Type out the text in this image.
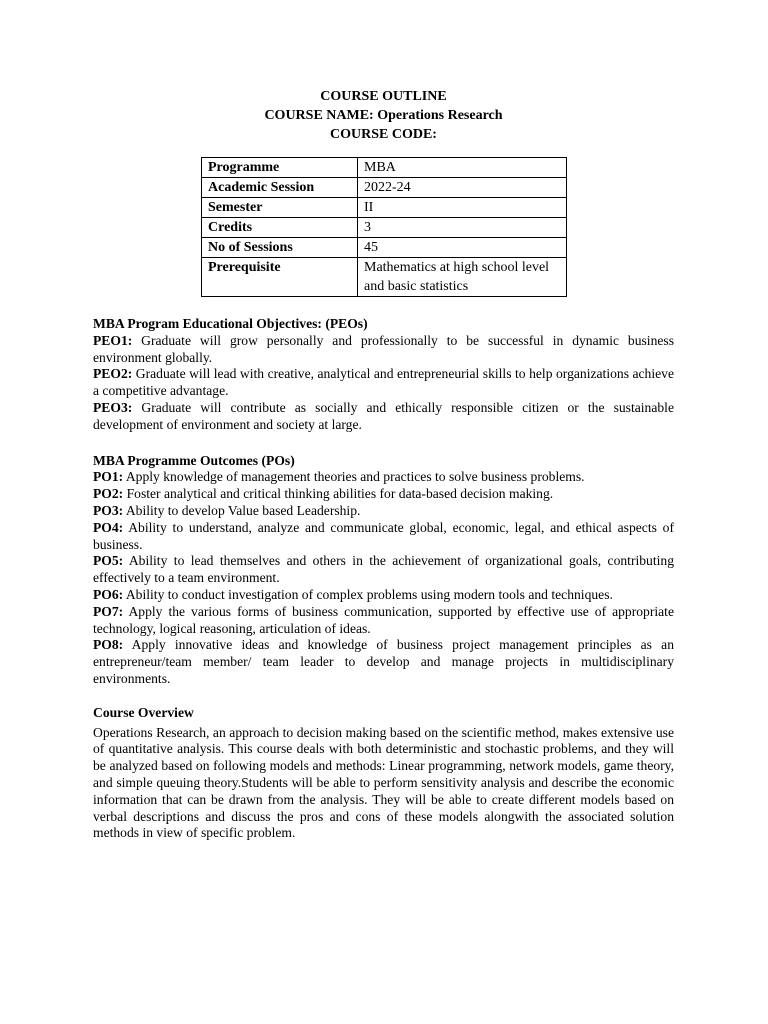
COURSE OUTLINE
COURSE NAME: Operations Research
COURSE CODE:
Programme	MBA
Academic Session	2022-24
Semester	II
Credits	3
No of Sessions	45
Prerequisite	Mathematics at high school level and basic statistics
MBA Program Educational Objectives: (PEOs)

PEO1: Graduate will grow personally and professionally to be successful in dynamic business environment globally.

PEO2: Graduate will lead with creative, analytical and entrepreneurial skills to help organizations achieve a competitive advantage.

PEO3: Graduate will contribute as socially and ethically responsible citizen or the sustainable development of environment and society at large.

MBA Programme Outcomes (POs)

PO1: Apply knowledge of management theories and practices to solve business problems.

PO2: Foster analytical and critical thinking abilities for data-based decision making.

PO3: Ability to develop Value based Leadership.

PO4: Ability to understand, analyze and communicate global, economic, legal, and ethical aspects of business.

PO5: Ability to lead themselves and others in the achievement of organizational goals, contributing effectively to a team environment.

PO6: Ability to conduct investigation of complex problems using modern tools and techniques.

PO7: Apply the various forms of business communication, supported by effective use of appropriate technology, logical reasoning, articulation of ideas.

PO8: Apply innovative ideas and knowledge of business project management principles as an entrepreneur/team member/ team leader to develop and manage projects in multidisciplinary environments.

Course Overview

Operations Research, an approach to decision making based on the scientific method, makes extensive use of quantitative analysis. This course deals with both deterministic and stochastic problems, and they will be analyzed based on following models and methods: Linear programming, network models, game theory, and simple queuing theory.Students will be able to perform sensitivity analysis and describe the economic information that can be drawn from the analysis. They will be able to create different models based on verbal descriptions and discuss the pros and cons of these models alongwith the associated solution methods in view of specific problem.
